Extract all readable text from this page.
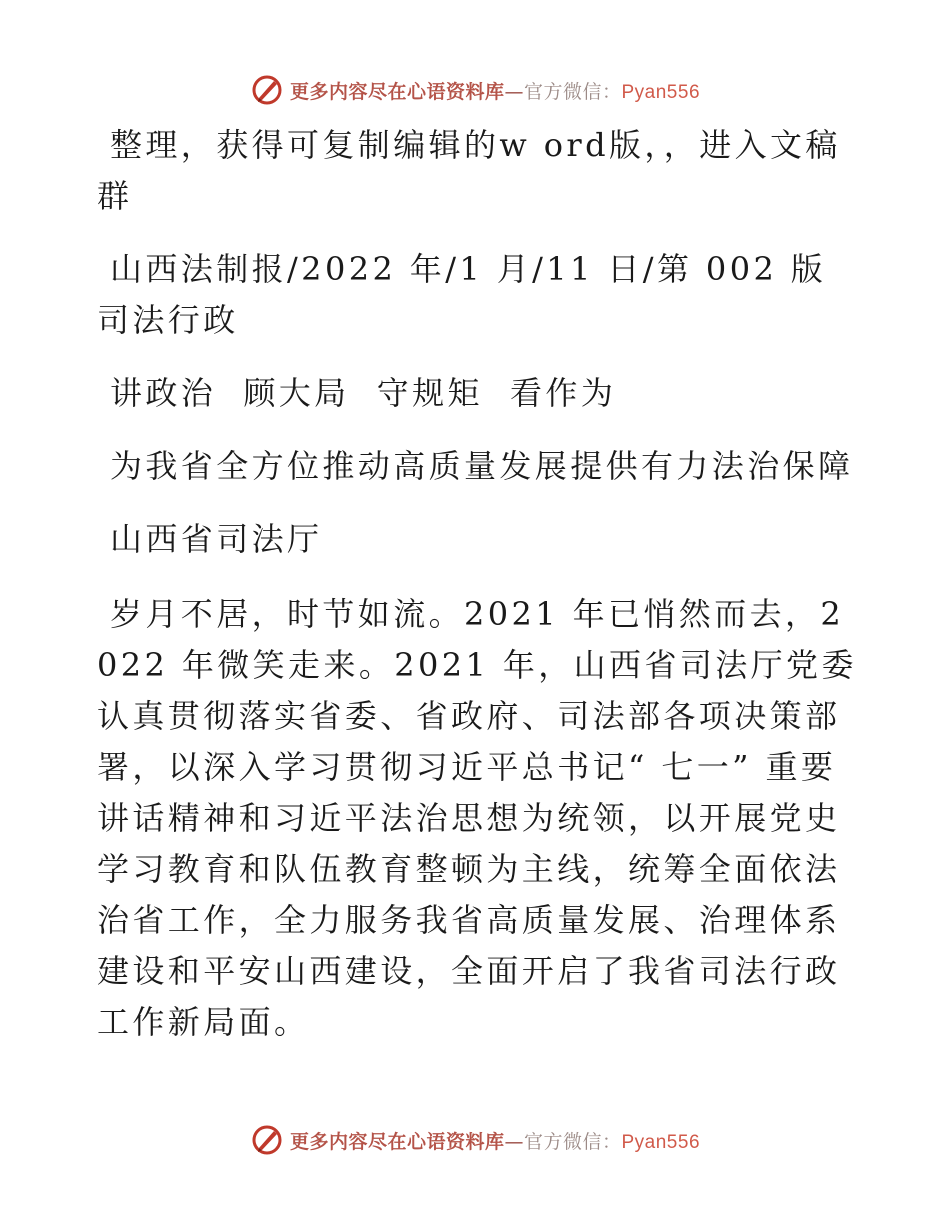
更多内容尽在心语资料库—官方微信：Pyan556

整理，获得可复制编辑的w ord版，，进入文稿群

山西法制报/2022 年/1 月/11 日/第 002 版司法行政

讲政治  顾大局  守规矩  看作为

为我省全方位推动高质量发展提供有力法治保障

山西省司法厅

岁月不居，时节如流。2021 年已悄然而去，2022 年微笑走来。2021 年，山西省司法厅党委认真贯彻落实省委、省政府、司法部各项决策部署，以深入学习贯彻习近平总书记“ 七一” 重要讲话精神和习近平法治思想为统领，以开展党史学习教育和队伍教育整顿为主线，统筹全面依法治省工作，全力服务我省高质量发展、治理体系建设和平安山西建设，全面开启了我省司法行政工作新局面。

更多内容尽在心语资料库—官方微信：Pyan556
